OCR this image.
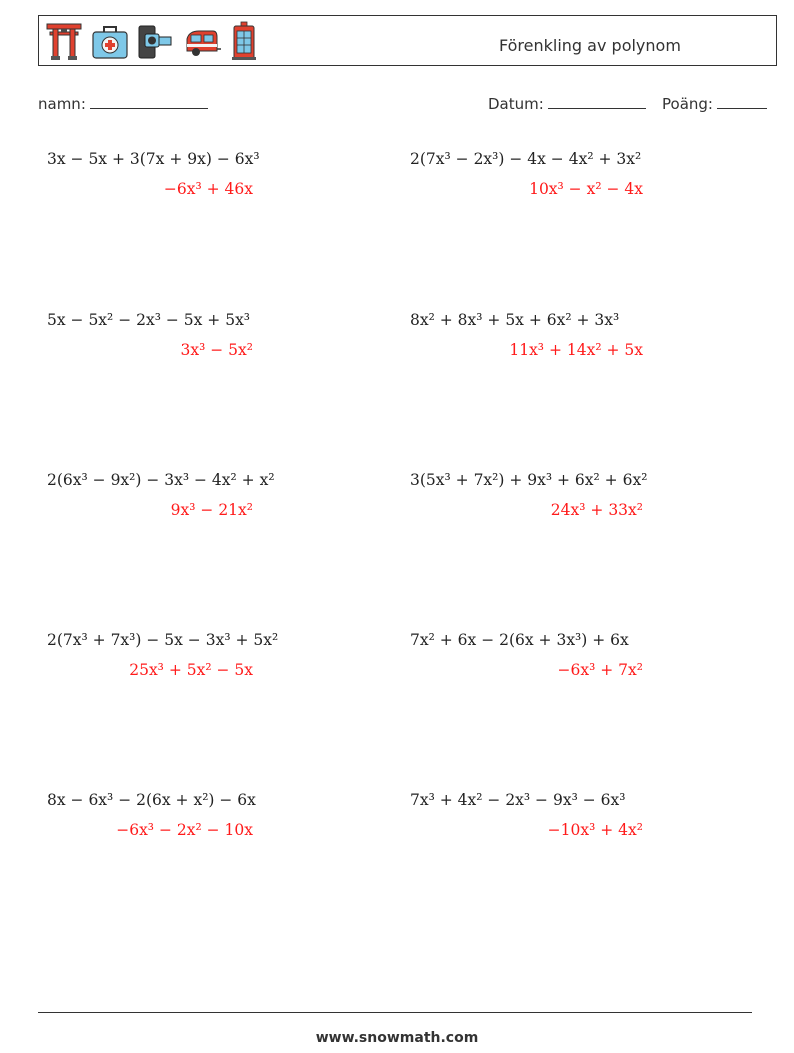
Förenkling av polynom
namn:	Datum:	Poäng:
3x − 5x + 3(7x + 9x) − 6x³
−6x³ + 46x
2(7x³ − 2x³) − 4x − 4x² + 3x²
10x³ − x² − 4x
5x − 5x² − 2x³ − 5x + 5x³
3x³ − 5x²
8x² + 8x³ + 5x + 6x² + 3x³
11x³ + 14x² + 5x
2(6x³ − 9x²) − 3x³ − 4x² + x²
9x³ − 21x²
3(5x³ + 7x²) + 9x³ + 6x² + 6x²
24x³ + 33x²
2(7x³ + 7x³) − 5x − 3x³ + 5x²
25x³ + 5x² − 5x
7x² + 6x − 2(6x + 3x³) + 6x
−6x³ + 7x²
8x − 6x³ − 2(6x + x²) − 6x
−6x³ − 2x² − 10x
7x³ + 4x² − 2x³ − 9x³ − 6x³
−10x³ + 4x²
www.snowmath.com
